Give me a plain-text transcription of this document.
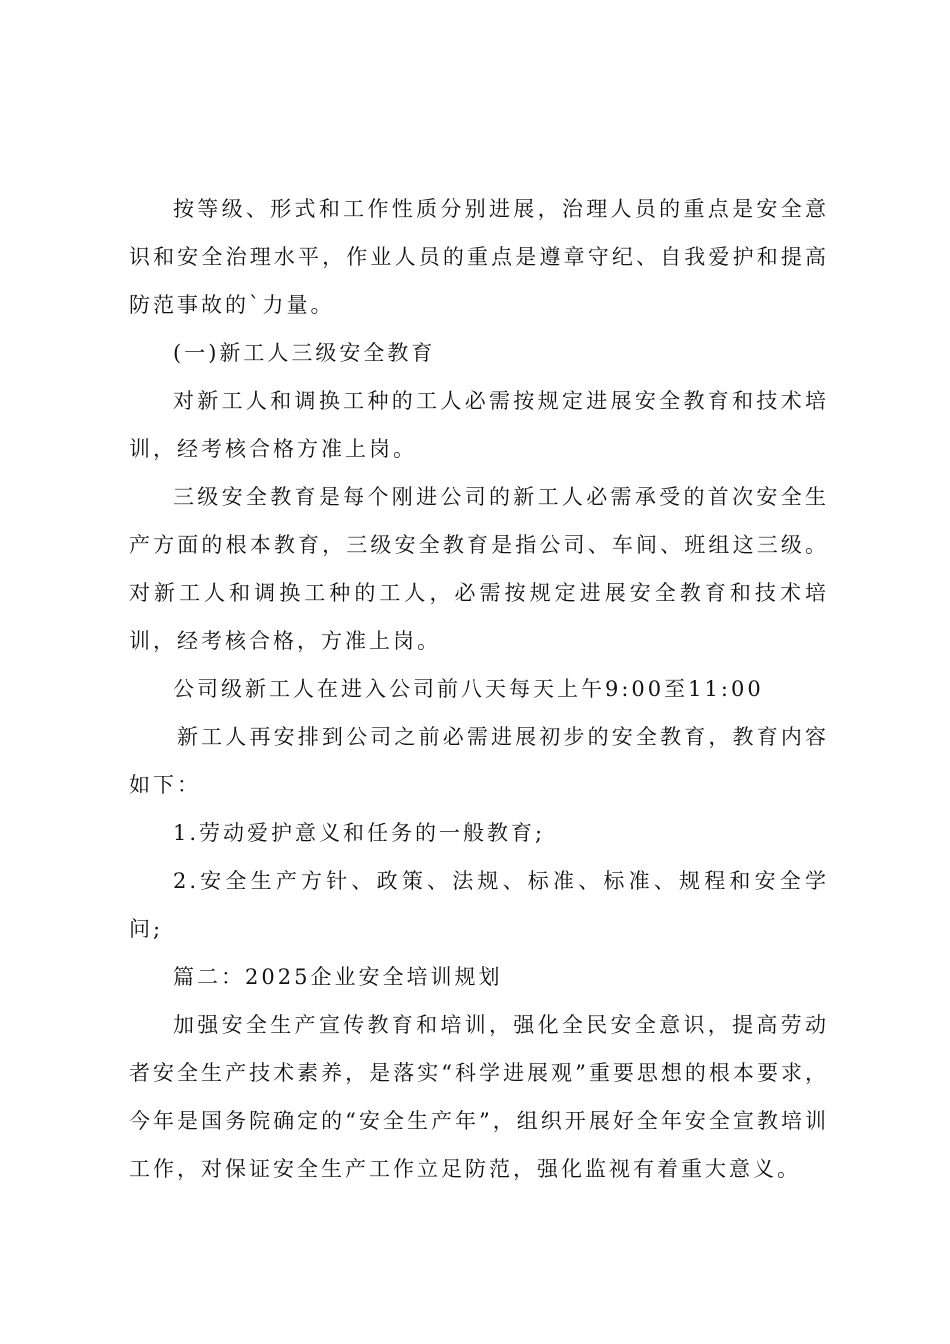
按等级、形式和工作性质分别进展，治理人员的重点是安全意识和安全治理水平，作业人员的重点是遵章守纪、自我爱护和提高防范事故的`力量。

(一)新工人三级安全教育

对新工人和调换工种的工人必需按规定进展安全教育和技术培训，经考核合格方准上岗。

三级安全教育是每个刚进公司的新工人必需承受的首次安全生产方面的根本教育，三级安全教育是指公司、车间、班组这三级。对新工人和调换工种的工人，必需按规定进展安全教育和技术培训，经考核合格，方准上岗。

公司级新工人在进入公司前八天每天上午9:00至11:00

新工人再安排到公司之前必需进展初步的安全教育，教育内容如下：

1.劳动爱护意义和任务的一般教育;

2.安全生产方针、政策、法规、标准、标准、规程和安全学问;

篇二：2025企业安全培训规划

加强安全生产宣传教育和培训，强化全民安全意识，提高劳动者安全生产技术素养，是落实“科学进展观”重要思想的根本要求，今年是国务院确定的“安全生产年”，组织开展好全年安全宣教培训工作，对保证安全生产工作立足防范，强化监视有着重大意义。
